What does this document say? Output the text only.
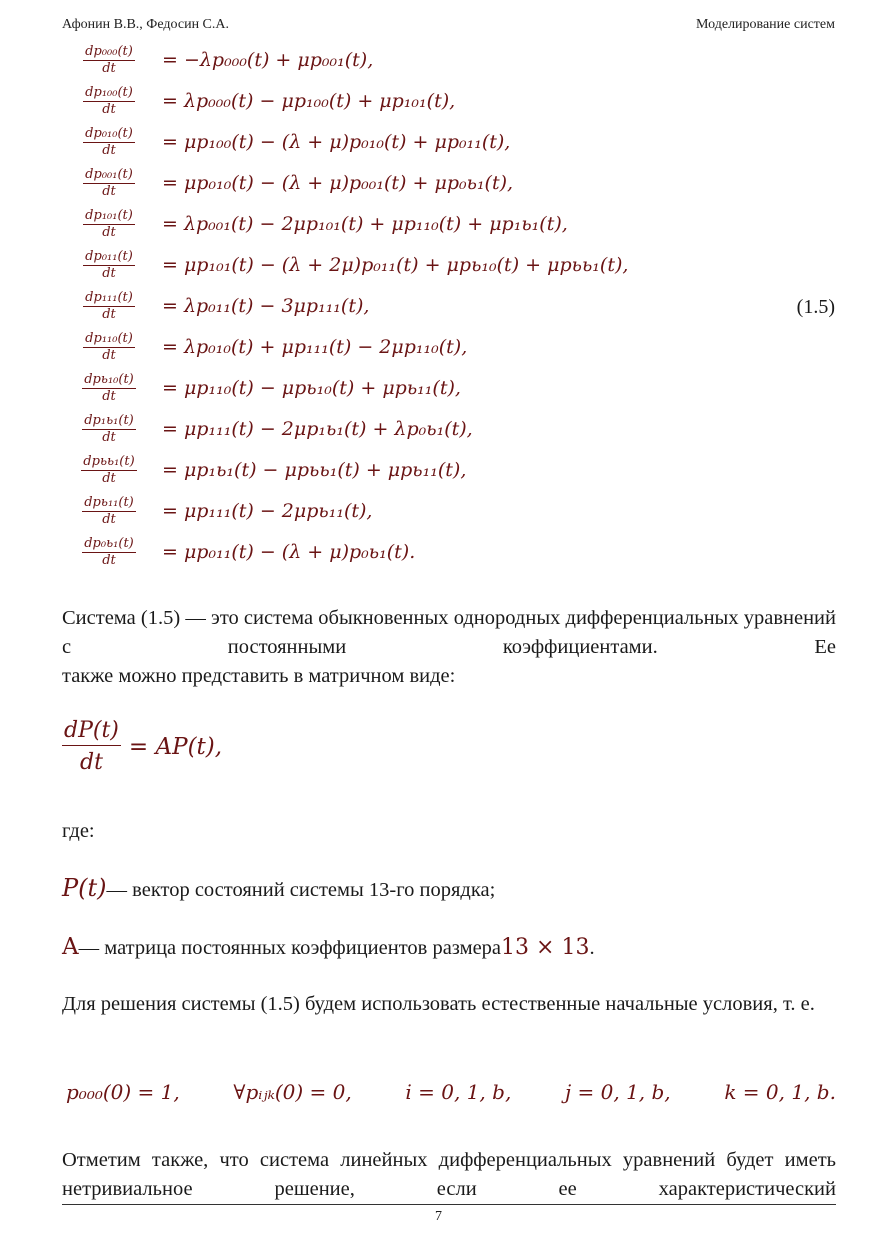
Афонин В.В., Федосин С.А.	Моделирование систем
$\frac{\text{dp₀₀₀(t)}}{dt} = -\lambda p_{000}(t) + \mu p_{001}(t)$,
$\frac{\text{dp₁₀₀(t)}}{dt} = \lambda p_{000}(t) - \mu p_{100}(t) + \mu p_{101}(t)$,
$\frac{\text{dp₀₁₀(t)}}{dt} = \mu p_{100}(t) - (\lambda + \mu)p_{010}(t) + \mu p_{011}(t)$,
$\frac{\text{dp₀₀₁(t)}}{dt} = \mu p_{010}(t) - (\lambda + \mu)p_{001}(t) + \mu p_0ь_1(t)$,
$\frac{\text{dp₁₀₁(t)}}{dt} = \lambda p_{001}(t) - 2\mu p_{101}(t) + \mu p_{110}(t) + \mu p_1ь_1(t)$,
$\frac{\text{dp₀₁₁(t)}}{dt} = \mu p_{101}(t) - (\lambda + 2\mu)p_{011}(t) + \mu pь_{10}(t) + \mu pьь_1(t)$,
$\frac{\text{dp₁₁₁(t)}}{dt} = \lambda p_{011}(t) - 3\mu p_{111}(t)$,
$\frac{\text{dp₁₁₀(t)}}{dt} = \lambda p_{010}(t) + \mu p_{111}(t) - 2\mu p_{110}(t)$,
$\frac{\text{dpь₁₀(t)}}{dt} = \mu p_{110}(t) - \mu pь_{10}(t) + \mu pь_{11}(t)$,
$\frac{\text{dp₁ь₁(t)}}{dt} = \mu p_{111}(t) - 2\mu p_1ь_1(t) + \lambda p_0ь_1(t)$,
$\frac{\text{dpьь₁(t)}}{dt} = \mu p_1ь_1(t) - \mu pьь_1(t) + \mu pь_{11}(t)$,
$\frac{\text{dpь₁₁(t)}}{dt} = \mu p_{111}(t) - 2\mu pь_{11}(t)$,
$\frac{\text{dp₀ь₁(t)}}{dt} = \mu p_{011}(t) - (\lambda + \mu)p_0ь_1(t)$.
(1.5)
Система (1.5) — это система обыкновенных однородных дифференциальных уравнений с постоянными коэффициентами. Ее
также можно представить в матричном виде:
$\frac{dP(t)}{dt} = AP(t)$,
где:
P(t) — вектор состояний системы 13-го порядка;
A — матрица постоянных коэффициентов размера 13 × 13 .
Для решения системы (1.5) будем использовать естественные начальные условия, т. е.
p₀₀₀(0) = 1,	∀pᵢⱼₖ(0) = 0,	i = 0, 1, b,	j = 0, 1, b,	k = 0, 1, b.
Отметим также, что система линейных дифференциальных уравнений будет иметь нетривиальное решение, если ее характеристический
7
